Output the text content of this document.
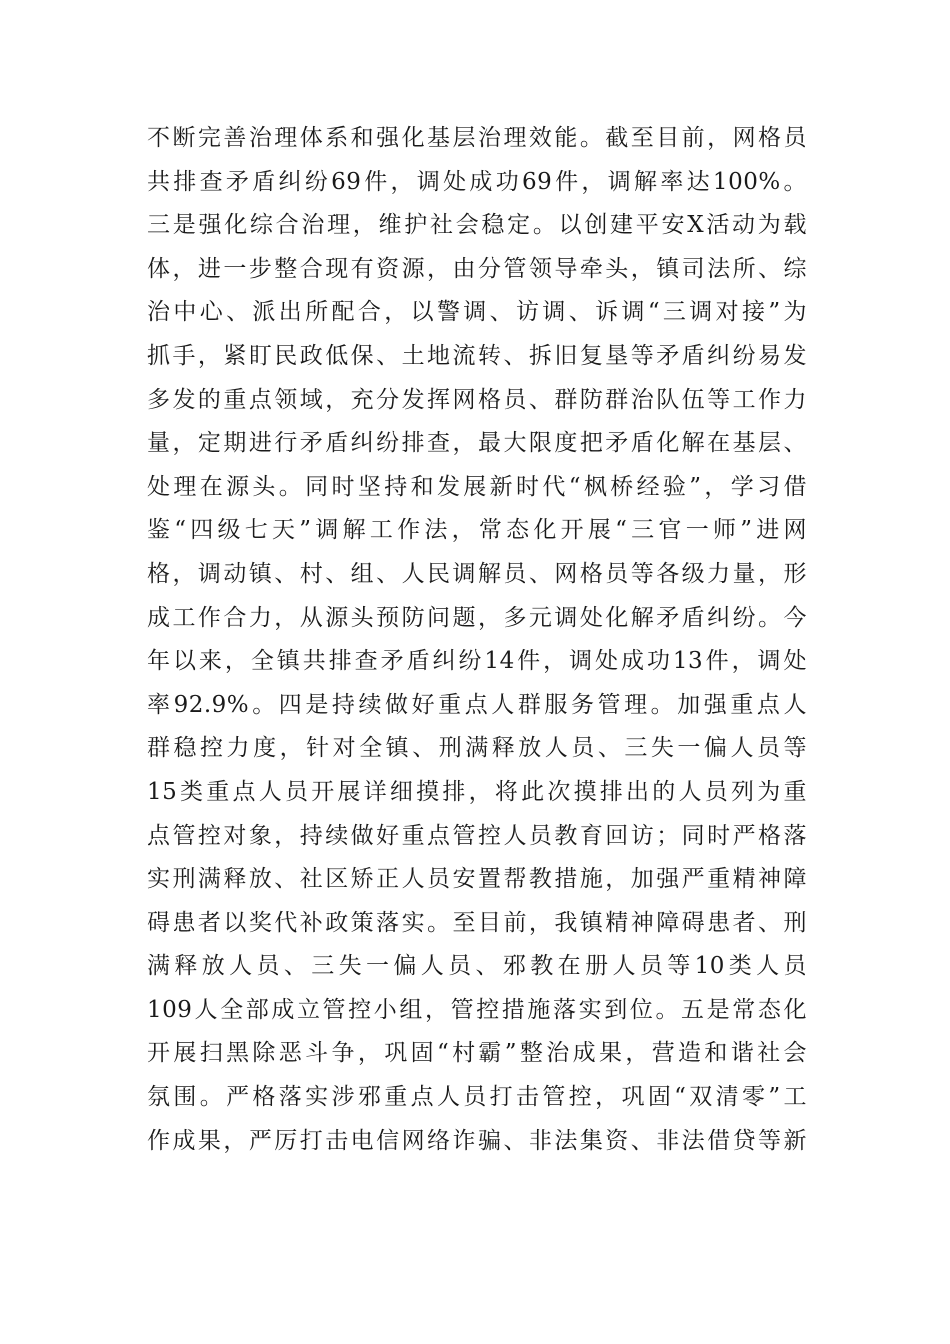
不断完善治理体系和强化基层治理效能。截至目前，网格员
共排查矛盾纠纷69件，调处成功69件，调解率达100%。
三是强化综合治理，维护社会稳定。以创建平安X活动为载
体，进一步整合现有资源，由分管领导牵头，镇司法所、综
治中心、派出所配合，以警调、访调、诉调“三调对接”为
抓手，紧盯民政低保、土地流转、拆旧复垦等矛盾纠纷易发
多发的重点领域，充分发挥网格员、群防群治队伍等工作力
量，定期进行矛盾纠纷排查，最大限度把矛盾化解在基层、
处理在源头。同时坚持和发展新时代“枫桥经验”，学习借
鉴“四级七天”调解工作法，常态化开展“三官一师”进网
格，调动镇、村、组、人民调解员、网格员等各级力量，形
成工作合力，从源头预防问题，多元调处化解矛盾纠纷。今
年以来，全镇共排查矛盾纠纷14件，调处成功13件，调处
率92.9%。四是持续做好重点人群服务管理。加强重点人
群稳控力度，针对全镇、刑满释放人员、三失一偏人员等
15类重点人员开展详细摸排，将此次摸排出的人员列为重
点管控对象，持续做好重点管控人员教育回访；同时严格落
实刑满释放、社区矫正人员安置帮教措施，加强严重精神障
碍患者以奖代补政策落实。至目前，我镇精神障碍患者、刑
满释放人员、三失一偏人员、邪教在册人员等10类人员
109人全部成立管控小组，管控措施落实到位。五是常态化
开展扫黑除恶斗争，巩固“村霸”整治成果，营造和谐社会
氛围。严格落实涉邪重点人员打击管控，巩固“双清零”工
作成果，严厉打击电信网络诈骗、非法集资、非法借贷等新
